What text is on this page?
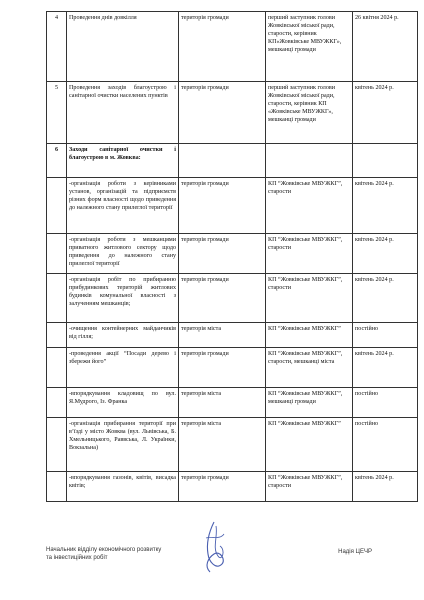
4	Проведення днів довкілля	територія громади	перший заступник голови Жовківської міської ради, старости, керівник КП«Жовківське МВУЖКГ», мешканці громади	26 квітня 2024 р.
5	Проведення заходів благоустрою і санітарної очистки населених пунктів	територія громади	перший заступник голови Жовківської міської ради, старости, керівник КП «Жовківське МВУЖКГ», мешканці громади	квітень 2024 р.
6	Заходи санітарної очистки і благоустрою в м. Жовква:			
	-організація роботи з керівниками установ, організацій та підприємств різних форм власності щодо приведення до належного стану прилеглої території	територія громади	КП “Жовківське МВУЖКГ”, старости	квітень 2024 р.
	-організація роботи з мешканцями приватного житлового сектору щодо приведення до належного стану прилеглої території	територія громади	КП “Жовківське МВУЖКГ”, старости	квітень 2024 р.
	-організація робіт по прибиранню прибудинкових територій житлових будинків комунальної власності з залученням мешканців;	територія громади	КП “Жовківське МВУЖКГ”, старости	квітень 2024 р.
	-очищення контейнерних майданчиків від гілля;	територія міста	КП “Жовківське МВУЖКГ”	постійно
	-проведення акції “Посади дерево і збережи його”	територія громади	КП “Жовківське МВУЖКГ”, старости, мешканці міста	квітень 2024 р.
	-впорядкування кладовищ по вул. Я.Мудрого, Із. Франка	територія міста	КП “Жовківське МВУЖКГ”, мешканці громади	постійно
	-організація прибирання території при в’їзді у місто Жовква (вул. Львівська, Б. Хмельницького, Раввська, Л. Українки, Вокзальна)	територія міста	КП “Жовківське МВУЖКГ”	постійно
	-впорядкування газонів, квітів, висадка квітів;	територія громади	КП “Жовківське МВУЖКГ”, старости	квітень 2024 р.
Начальник відділу економічного розвитку
та інвестиційних робіт
Надія ЦЕЧР
